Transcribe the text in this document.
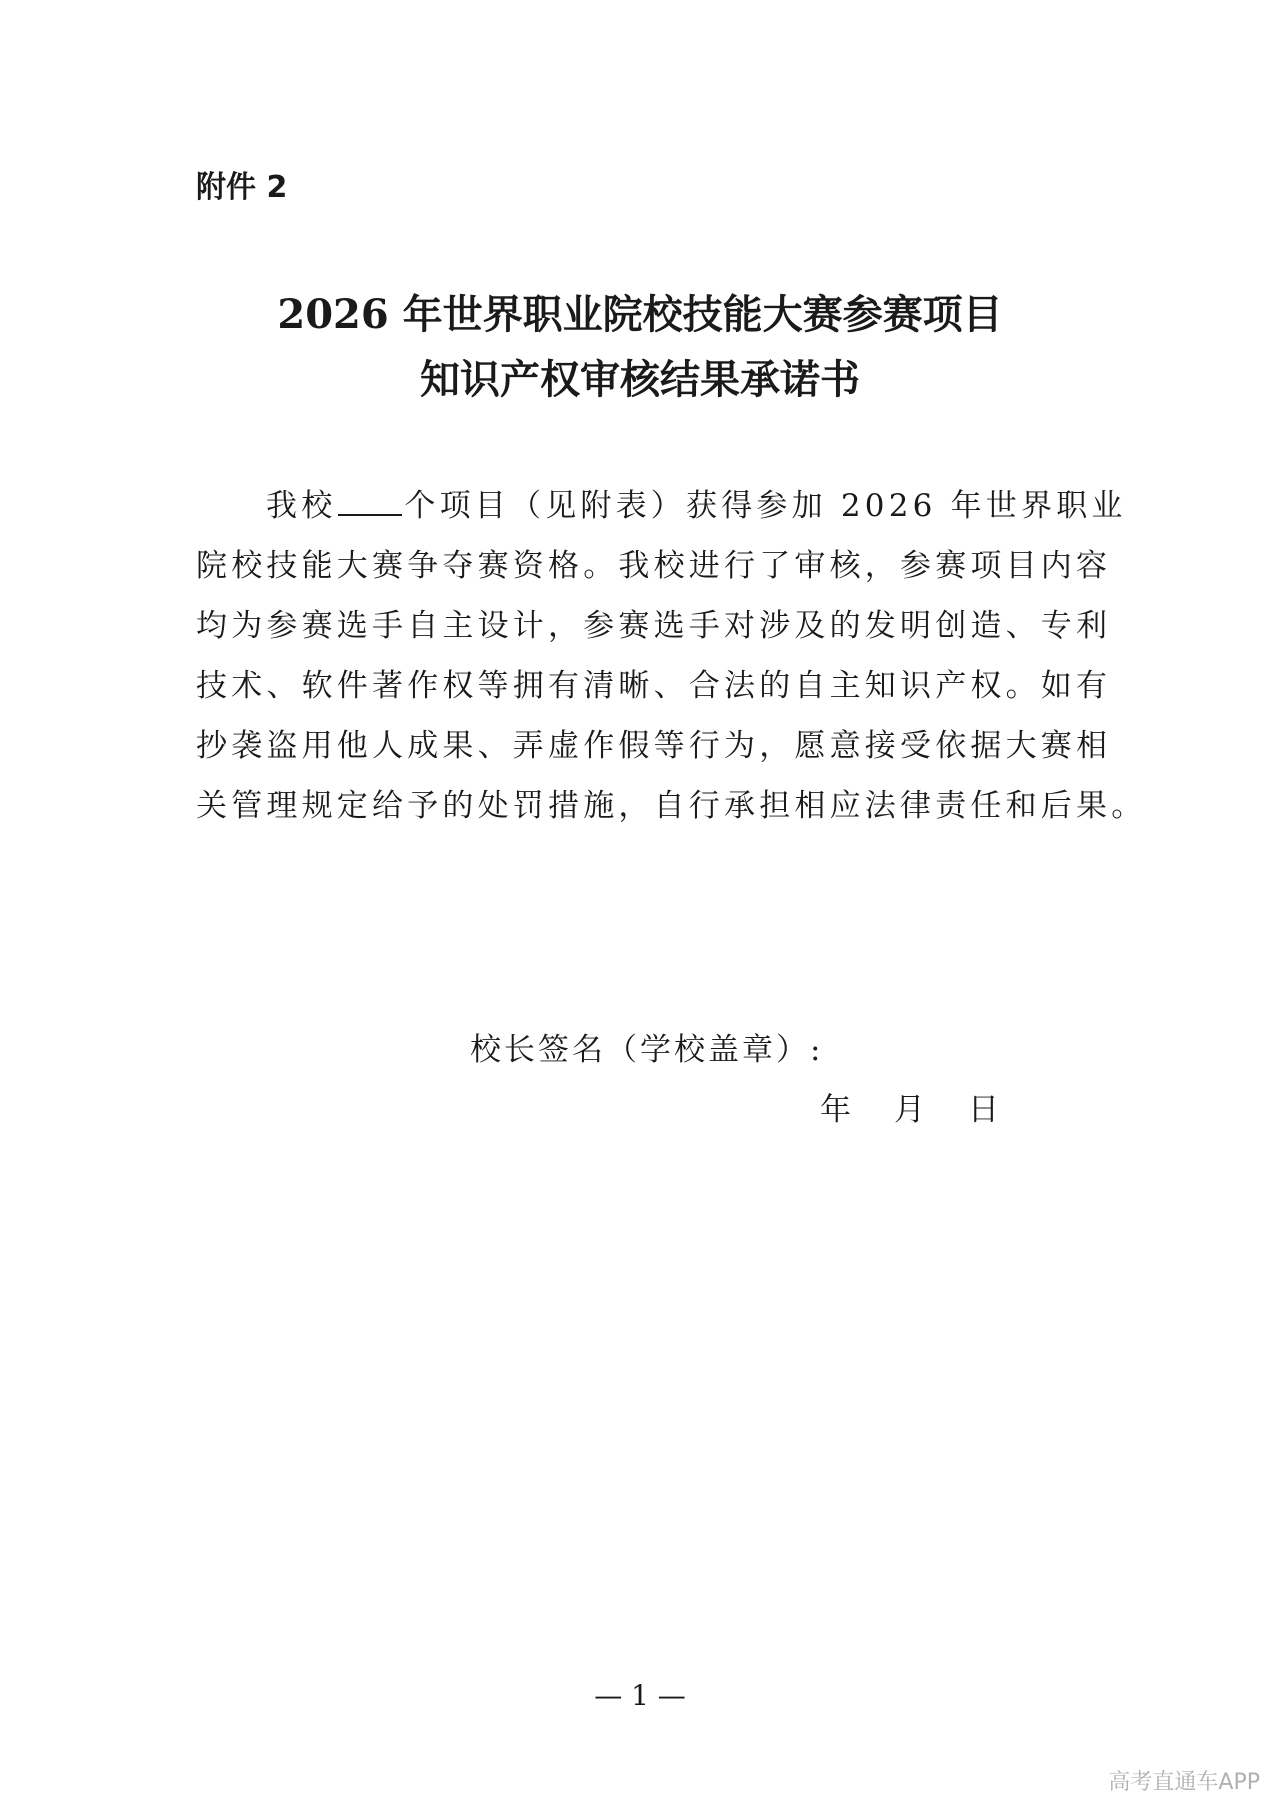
附件 2
2026 年世界职业院校技能大赛参赛项目
知识产权审核结果承诺书
我校 个项目（见附表）获得参加 2026 年世界职业
院校技能大赛争夺赛资格。我校进行了审核，参赛项目内容
均为参赛选手自主设计，参赛选手对涉及的发明创造、专利
技术、软件著作权等拥有清晰、合法的自主知识产权。如有
抄袭盗用他人成果、弄虚作假等行为，愿意接受依据大赛相
关管理规定给予的处罚措施，自行承担相应法律责任和后果。
校长签名（学校盖章）:
年 月 日
— 1 —
高考直通车APP
